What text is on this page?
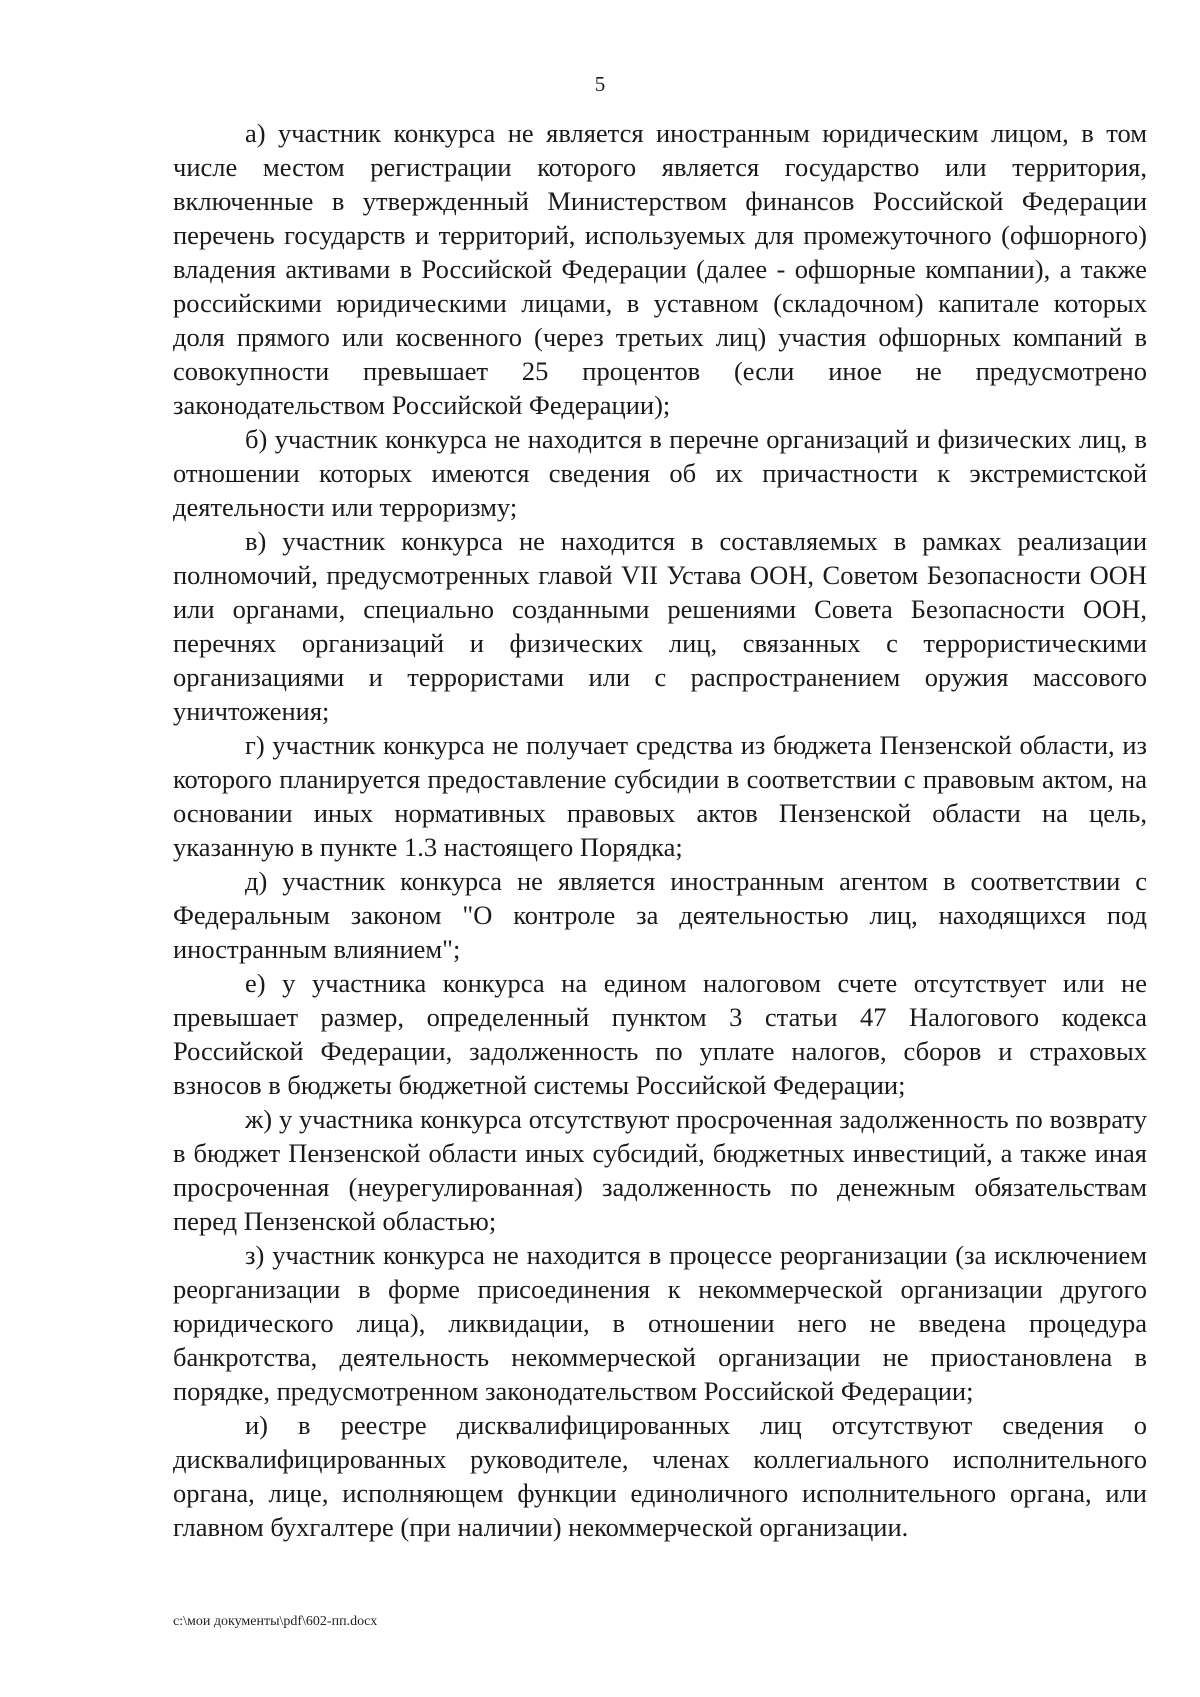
5

а) участник конкурса не является иностранным юридическим лицом, в том числе местом регистрации которого является государство или территория, включенные в утвержденный Министерством финансов Российской Федерации перечень государств и территорий, используемых для промежуточного (офшорного) владения активами в Российской Федерации (далее - офшорные компании), а также российскими юридическими лицами, в уставном (складочном) капитале которых доля прямого или косвенного (через третьих лиц) участия офшорных компаний в совокупности превышает 25 процентов (если иное не предусмотрено законодательством Российской Федерации);

б) участник конкурса не находится в перечне организаций и физических лиц, в отношении которых имеются сведения об их причастности к экстремистской деятельности или терроризму;

в) участник конкурса не находится в составляемых в рамках реализации полномочий, предусмотренных главой VII Устава ООН, Советом Безопасности ООН или органами, специально созданными решениями Совета Безопасности ООН, перечнях организаций и физических лиц, связанных с террористическими организациями и террористами или с распространением оружия массового уничтожения;

г) участник конкурса не получает средства из бюджета Пензенской области, из которого планируется предоставление субсидии в соответствии с правовым актом, на основании иных нормативных правовых актов Пензенской области на цель, указанную в пункте 1.3 настоящего Порядка;

д) участник конкурса не является иностранным агентом в соответствии с Федеральным законом "О контроле за деятельностью лиц, находящихся под иностранным влиянием";

е) у участника конкурса на едином налоговом счете отсутствует или не превышает размер, определенный пунктом 3 статьи 47 Налогового кодекса Российской Федерации, задолженность по уплате налогов, сборов и страховых взносов в бюджеты бюджетной системы Российской Федерации;

ж) у участника конкурса отсутствуют просроченная задолженность по возврату в бюджет Пензенской области иных субсидий, бюджетных инвестиций, а также иная просроченная (неурегулированная) задолженность по денежным обязательствам перед Пензенской областью;

з) участник конкурса не находится в процессе реорганизации (за исключением реорганизации в форме присоединения к некоммерческой организации другого юридического лица), ликвидации, в отношении него не введена процедура банкротства, деятельность некоммерческой организации не приостановлена в порядке, предусмотренном законодательством Российской Федерации;

и) в реестре дисквалифицированных лиц отсутствуют сведения о дисквалифицированных руководителе, членах коллегиального исполнительного органа, лице, исполняющем функции единоличного исполнительного органа, или главном бухгалтере (при наличии) некоммерческой организации.

c:\мои документы\pdf\602-пп.docx
